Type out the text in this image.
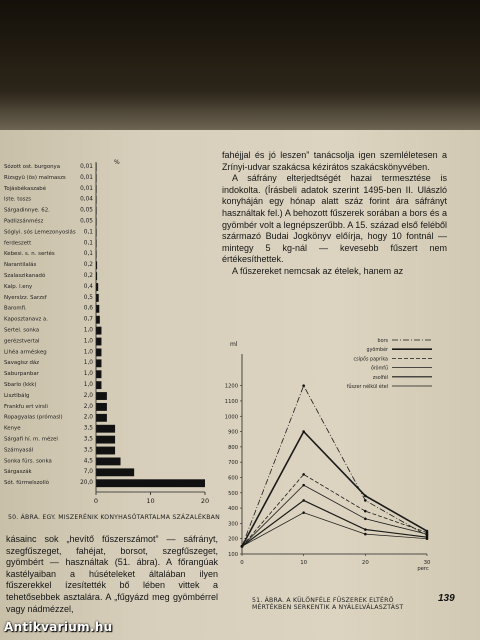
Sózott ost. burgonya	0,01
Rizsgyü (ös) malmaszs 0,01
Tojásbékaszabé	0,01
Iste. toszs	0,04
Sárgadinnye. 62.	0,05
Padlizsánmész	0,05
Sóglyi. sós Lemezonyoslás 0,1
ferdeszett	0,1
Kebesi. s. n. sertés	0,1
Narantilalás	0,2
Szalaszikanadó	0,2
Kalp. l.eny	0,4
Nyerslzz. Sarzsf	0,5
Baromfi.	0,6
Kaposztanavz a.	0,7
Sertel. sonka	1,0
gerézstvertal	1,0
Lihéa arméskeg	1,0
Savagisz dáz	1,0
Saburpanbar	1,0
Sbarlo (kkk)	1,0
Lisztlbálg	2,0
Frankfu ert virsli	2,0
Ropagyalas (prómasl)	2,0
Kenye	3,5
Sárgafi hí. m. mézel	3,5
Szárnyasál	3,5
Sonka fürs. sonka	4,5
Sárgaszák	7,0
Sót. fürmelszolló	20,0
0	10	20
%
50. ÁBRA. EGY. MISZERÉNIK KONYHASÓTARTALMA SZÁZALÉKBAN

fahéjjal és jó leszen” tanácsolja igen szemléletesen a Zrínyi-udvar szakácsa kézirátos szakácskönyvében.

A sáfrány elterjedtségét hazai termesztése is indokolta. (Írásbeli adatok szerint 1495-ben II. Ulászló konyháján egy hónap alatt száz forint ára sáfrányt használtak fel.) A behozott fűszerek sorában a bors és a gyömbér volt a legnépszerűbb. A 15. század első feléből származó Budai Jogkönyv előírja, hogy 10 fontnál — mintegy 5 kg-nál — kevesebb fűszert nem értékesíthettek.

A fűszereket nemcsak az ételek, hanem az

ml
100
200
300
400
500
600
700
800
900
1000
1100
1200
0	10	20	30
perc
bors
gyömbér
csípős paprika
őrömfű
zsolfél
fűszer nélkül étel
51. ÁBRA. A KÜLÖNFÉLE FŰSZEREK ELTÉRŐ
MÉRTÉKBEN SERKENTIK A NYÁLELVÁLASZTÁST
139

kásainc sok „hevítő fűszerszámot” — sáfrányt, szegfűszeget, fahéjat, borsot, szegfűszeget, gyömbért — használtak (51. ábra). A főrangúak kastélyaiban a húsételeket általában ilyen fűszerekkel ízesítették bő lében vittek a tehetősebbek asztalára. A „fűgyázd meg gyömbérrel vagy nádmézzel,

Antikvarium.hu
